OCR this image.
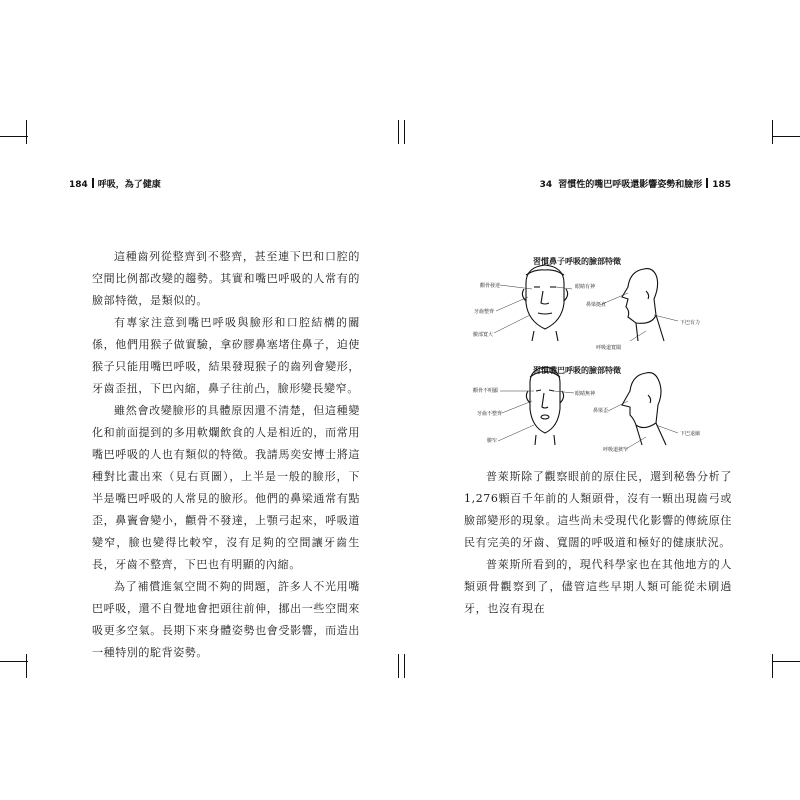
184 呼吸，為了健康	34 習慣性的嘴巴呼吸還影響姿勢和臉形 185

這種齒列從整齊到不整齊，甚至連下巴和口腔的空間比例都改變的趨勢。其實和嘴巴呼吸的人常有的臉部特徵，是類似的。

有專家注意到嘴巴呼吸與臉形和口腔結構的關係，他們用猴子做實驗，拿矽膠鼻塞堵住鼻子，迫使猴子只能用嘴巴呼吸，結果發現猴子的齒列會變形，牙齒歪扭，下巴內縮，鼻子往前凸，臉形變長變窄。

雖然會改變臉形的具體原因還不清楚，但這種變化和前面提到的多用軟爛飲食的人是相近的，而常用嘴巴呼吸的人也有類似的特徵。我請馬奕安博士將這種對比畫出來（見右頁圖），上半是一般的臉形，下半是嘴巴呼吸的人常見的臉形。他們的鼻梁通常有點歪，鼻竇會變小，顴骨不發達，上顎弓起來，呼吸道變窄，臉也變得比較窄，沒有足夠的空間讓牙齒生長，牙齒不整齊，下巴也有明顯的內縮。

為了補償進氣空間不夠的問題，許多人不光用嘴巴呼吸，還不自覺地會把頭往前伸，挪出一些空間來吸更多空氣。長期下來身體姿勢也會受影響，而造出一種特別的駝背姿勢。

習慣鼻子呼吸的臉部特徵
習慣嘴巴呼吸的臉部特徵
顴骨發達
牙齒整齊
臉部寬大
眼睛有神
鼻梁挺直
下巴有力
呼吸道寬闊
顴骨不明顯
牙齒不整齊
臉窄
眼睛無神
鼻梁歪
下巴退縮
呼吸道狹窄

普萊斯除了觀察眼前的原住民，還到秘魯分析了1,276顆百千年前的人類頭骨，沒有一顆出現齒弓或臉部變形的現象。這些尚未受現代化影響的傳統原住民有完美的牙齒、寬闊的呼吸道和極好的健康狀況。

普萊斯所看到的，現代科學家也在其他地方的人類頭骨觀察到了，儘管這些早期人類可能從未刷過牙，也沒有現在
